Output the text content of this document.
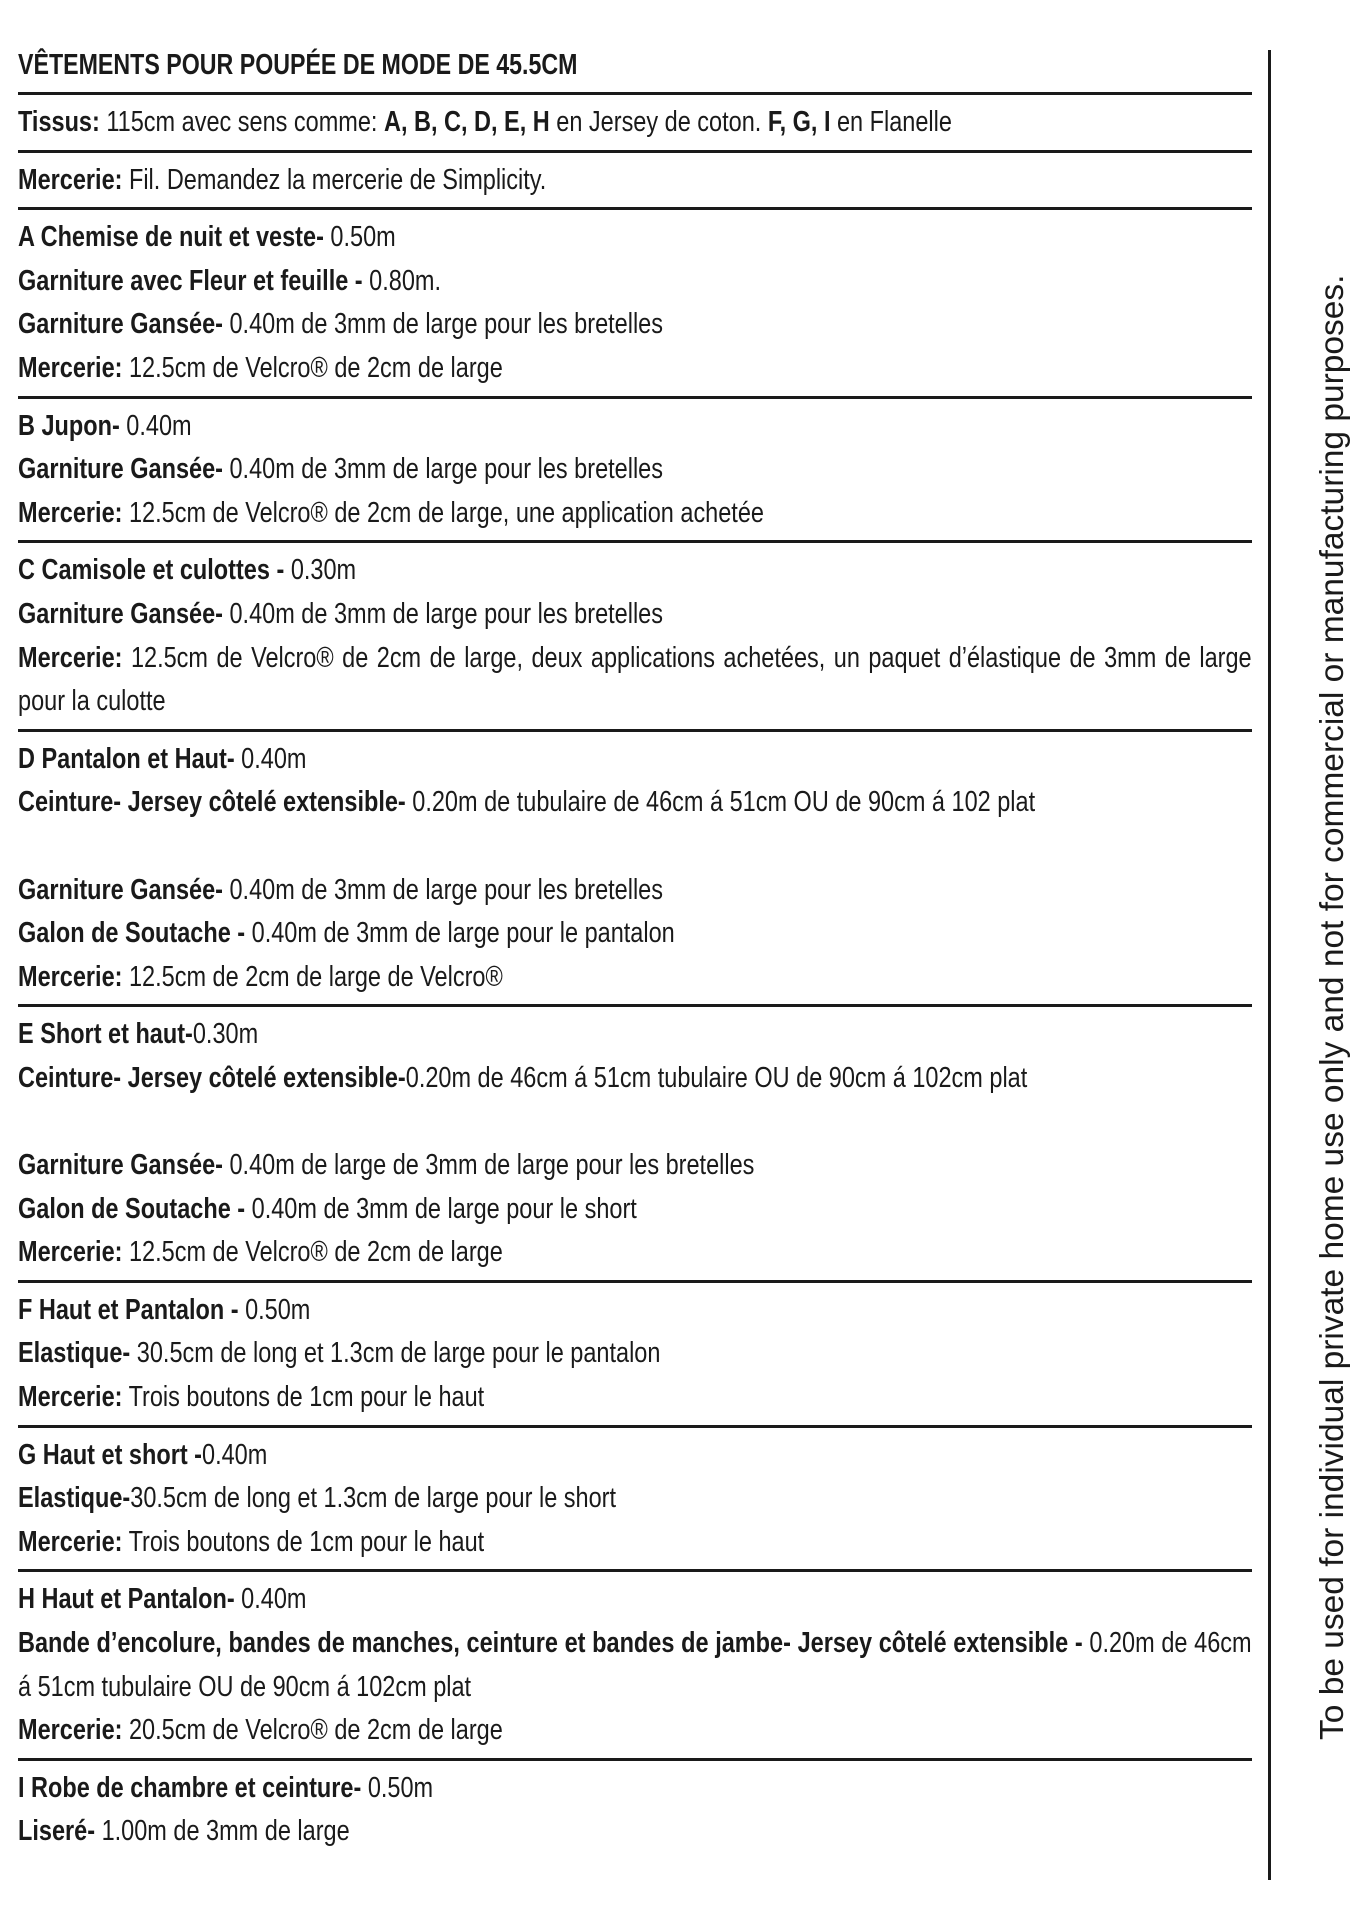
VÊTEMENTS POUR POUPÉE DE MODE DE 45.5CM
Tissus: 115cm avec sens comme: A, B, C, D, E, H en Jersey de coton. F, G, I en Flanelle
Mercerie: Fil. Demandez la mercerie de Simplicity.
A Chemise de nuit et veste- 0.50m
Garniture avec Fleur et feuille - 0.80m.
Garniture Gansée- 0.40m de 3mm de large pour les bretelles
Mercerie: 12.5cm de Velcro® de 2cm de large
B Jupon- 0.40m
Garniture Gansée- 0.40m de 3mm de large pour les bretelles
Mercerie: 12.5cm de Velcro® de 2cm de large, une application achetée
C Camisole et culottes - 0.30m
Garniture Gansée- 0.40m de 3mm de large pour les bretelles
Mercerie: 12.5cm de Velcro® de 2cm de large, deux applications achetées, un paquet d’élastique de 3mm de large pour la culotte
D Pantalon et Haut- 0.40m
Ceinture- Jersey côtelé extensible- 0.20m de tubulaire de 46cm á 51cm OU de 90cm á 102 plat
Garniture Gansée- 0.40m de 3mm de large pour les bretelles
Galon de Soutache - 0.40m de 3mm de large pour le pantalon
Mercerie: 12.5cm de 2cm de large de Velcro®
E Short et haut-0.30m
Ceinture- Jersey côtelé extensible-0.20m de 46cm á 51cm tubulaire OU de 90cm á 102cm plat
Garniture Gansée- 0.40m de large de 3mm de large pour les bretelles
Galon de Soutache - 0.40m de 3mm de large pour le short
Mercerie: 12.5cm de Velcro® de 2cm de large
F Haut et Pantalon - 0.50m
Elastique- 30.5cm de long et 1.3cm de large pour le pantalon
Mercerie: Trois boutons de 1cm pour le haut
G Haut et short -0.40m
Elastique-30.5cm de long et 1.3cm de large pour le short
Mercerie: Trois boutons de 1cm pour le haut
H Haut et Pantalon- 0.40m
Bande d’encolure, bandes de manches, ceinture et bandes de jambe- Jersey côtelé extensible - 0.20m de 46cm á 51cm tubulaire OU de 90cm á 102cm plat
Mercerie: 20.5cm de Velcro® de 2cm de large
I Robe de chambre et ceinture- 0.50m
Liseré- 1.00m de 3mm de large
To be used for individual private home use only and not for commercial or manufacturing purposes.
